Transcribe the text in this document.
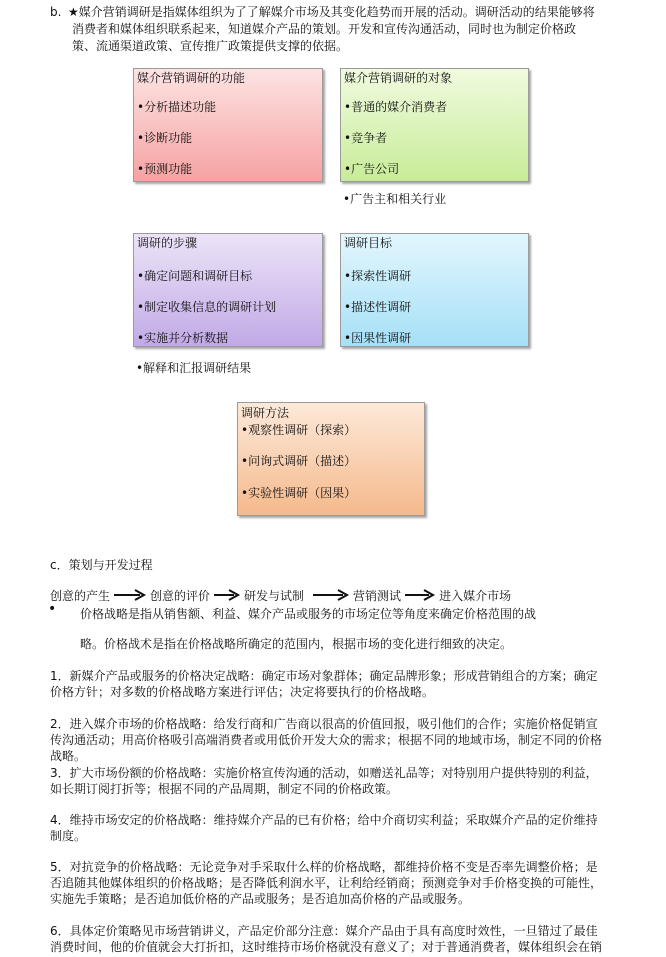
b. ★媒介营销调研是指媒体组织为了了解媒介市场及其变化趋势而开展的活动。调研活动的结果能够将
消费者和媒体组织联系起来，知道媒介产品的策划。开发和宣传沟通活动，同时也为制定价格政
策、流通渠道政策、宣传推广政策提供支撑的依据。
媒介营销调研的功能
•分析描述功能
•诊断功能
•预测功能
媒介营销调研的对象
•普通的媒介消费者
•竞争者
•广告公司
•广告主和相关行业
调研的步骤
•确定问题和调研目标
•制定收集信息的调研计划
•实施并分析数据
•解释和汇报调研结果
调研目标
•探索性调研
•描述性调研
•因果性调研
调研方法
•观察性调研（探索）
•问询式调研（描述）
•实验性调研（因果）
c．策划与开发过程
创意的产生	创意的评价	研发与试制	营销测试	进入媒介市场
• 价格战略是指从销售额、利益、媒介产品或服务的市场定位等角度来确定价格范围的战
略。价格战术是指在价格战略所确定的范围内，根据市场的变化进行细致的决定。
1．新媒介产品或服务的价格决定战略：确定市场对象群体；确定品牌形象；形成营销组合的方案；确定
价格方针；对多数的价格战略方案进行评估；决定将要执行的价格战略。
2．进入媒介市场的价格战略：给发行商和广告商以很高的价值回报，吸引他们的合作；实施价格促销宣
传沟通活动；用高价格吸引高端消费者或用低价开发大众的需求；根据不同的地域市场，制定不同的价格
战略。
3．扩大市场份额的价格战略：实施价格宣传沟通的活动，如赠送礼品等；对特别用户提供特别的利益，
如长期订阅打折等；根据不同的产品周期，制定不同的价格政策。
4．维持市场安定的价格战略：维持媒介产品的已有价格；给中介商切实利益；采取媒介产品的定价维持
制度。
5．对抗竞争的价格战略：无论竞争对手采取什么样的价格战略，都维持价格不变是否率先调整价格；是
否追随其他媒体组织的价格战略；是否降低利润水平，让利给经销商；预测竞争对手价格变换的可能性，
实施先手策略；是否追加低价格的产品或服务；是否追加高价格的产品或服务。
6．具体定价策略见市场营销讲义，产品定价部分注意：媒介产品由于具有高度时效性，一旦错过了最佳
消费时间，他的价值就会大打折扣，这时维持市场价格就没有意义了；对于普通消费者，媒体组织会在销
